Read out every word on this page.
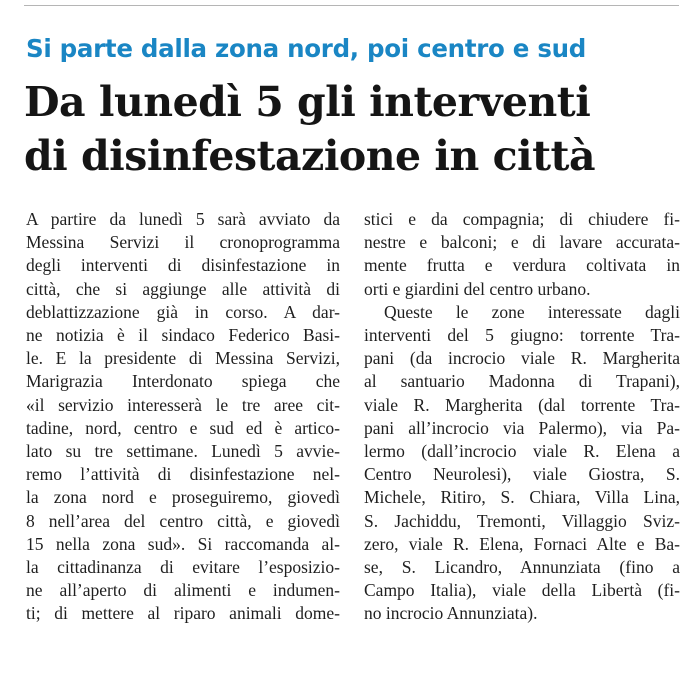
Si parte dalla zona nord, poi centro e sud
Da lunedì 5 gli interventi
di disinfestazione in città
A partire da lunedì 5 sarà avviato da
Messina Servizi il cronoprogramma
degli interventi di disinfestazione in
città, che si aggiunge alle attività di
deblattizzazione già in corso. A dar-
ne notizia è il sindaco Federico Basi-
le. E la presidente di Messina Servizi,
Marigrazia Interdonato spiega che
«il servizio interesserà le tre aree cit-
tadine, nord, centro e sud ed è artico-
lato su tre settimane. Lunedì 5 avvie-
remo l’attività di disinfestazione nel-
la zona nord e proseguiremo, giovedì
8 nell’area del centro città, e giovedì
15 nella zona sud». Si raccomanda al-
la cittadinanza di evitare l’esposizio-
ne all’aperto di alimenti e indumen-
ti; di mettere al riparo animali dome-
stici e da compagnia; di chiudere fi-
nestre e balconi; e di lavare accurata-
mente frutta e verdura coltivata in
orti e giardini del centro urbano.
Queste le zone interessate dagli
interventi del 5 giugno: torrente Tra-
pani (da incrocio viale R. Margherita
al santuario Madonna di Trapani),
viale R. Margherita (dal torrente Tra-
pani all’incrocio via Palermo), via Pa-
lermo (dall’incrocio viale R. Elena a
Centro Neurolesi), viale Giostra, S.
Michele, Ritiro, S. Chiara, Villa Lina,
S. Jachiddu, Tremonti, Villaggio Sviz-
zero, viale R. Elena, Fornaci Alte e Ba-
se, S. Licandro, Annunziata (fino a
Campo Italia), viale della Libertà (fi-
no incrocio Annunziata).
